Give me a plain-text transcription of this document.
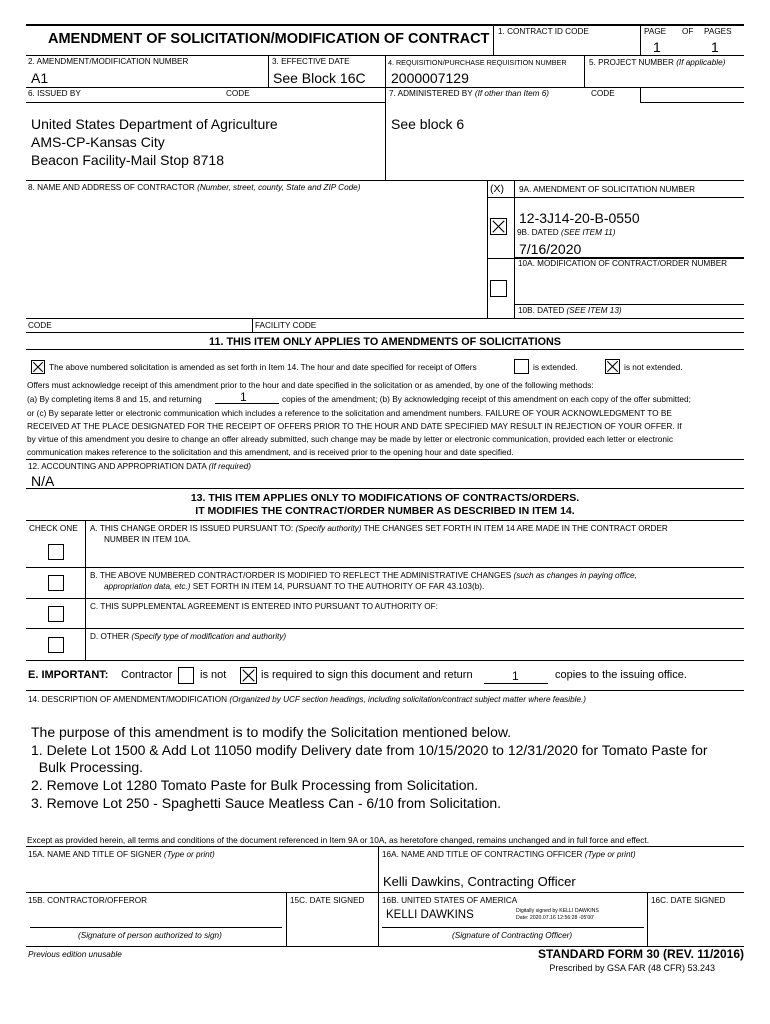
AMENDMENT OF SOLICITATION/MODIFICATION OF CONTRACT 1. CONTRACT ID CODE	PAGE OF PAGES
1	1
2. AMENDMENT/MODIFICATION NUMBER
A1
3. EFFECTIVE DATE
See Block 16C
4. REQUISITION/PURCHASE REQUISITION NUMBER
2000007129
5. PROJECT NUMBER (If applicable)
6. ISSUED BY	CODE
United States Department of Agriculture
AMS-CP-Kansas City
Beacon Facility-Mail Stop 8718
7. ADMINISTERED BY (If other than Item 6)	CODE
See block 6
8. NAME AND ADDRESS OF CONTRACTOR (Number, street, county, State and ZIP Code)	(X) 9A. AMENDMENT OF SOLICITATION NUMBER
12-3J14-20-B-0550
9B. DATED (SEE ITEM 11)
7/16/2020
10A. MODIFICATION OF CONTRACT/ORDER NUMBER
10B. DATED (SEE ITEM 13)
CODE	FACILITY CODE
11. THIS ITEM ONLY APPLIES TO AMENDMENTS OF SOLICITATIONS
The above numbered solicitation is amended as set forth in Item 14. The hour and date specified for receipt of Offers	is extended.	is not extended.
Offers must acknowledge receipt of this amendment prior to the hour and date specified in the solicitation or as amended, by one of the following methods:
(a) By completing items 8 and 15, and returning	1	copies of the amendment; (b) By acknowledging receipt of this amendment on each copy of the offer submitted;
or (c) By separate letter or electronic communication which includes a reference to the solicitation and amendment numbers. FAILURE OF YOUR ACKNOWLEDGMENT TO BE
RECEIVED AT THE PLACE DESIGNATED FOR THE RECEIPT OF OFFERS PRIOR TO THE HOUR AND DATE SPECIFIED MAY RESULT IN REJECTION OF YOUR OFFER. If
by virtue of this amendment you desire to change an offer already submitted, such change may be made by letter or electronic communication, provided each letter or electronic
communication makes reference to the solicitation and this amendment, and is received prior to the opening hour and date specified.
12. ACCOUNTING AND APPROPRIATION DATA (If required)
N/A
13. THIS ITEM APPLIES ONLY TO MODIFICATIONS OF CONTRACTS/ORDERS.
IT MODIFIES THE CONTRACT/ORDER NUMBER AS DESCRIBED IN ITEM 14.
CHECK ONE A. THIS CHANGE ORDER IS ISSUED PURSUANT TO: (Specify authority) THE CHANGES SET FORTH IN ITEM 14 ARE MADE IN THE CONTRACT ORDER
NUMBER IN ITEM 10A.
B. THE ABOVE NUMBERED CONTRACT/ORDER IS MODIFIED TO REFLECT THE ADMINISTRATIVE CHANGES (such as changes in paying office,
appropriation data, etc.) SET FORTH IN ITEM 14, PURSUANT TO THE AUTHORITY OF FAR 43.103(b).
C. THIS SUPPLEMENTAL AGREEMENT IS ENTERED INTO PURSUANT TO AUTHORITY OF:
D. OTHER (Specify type of modification and authority)
E. IMPORTANT: Contractor	is not	is required to sign this document and return	1	copies to the issuing office.
14. DESCRIPTION OF AMENDMENT/MODIFICATION (Organized by UCF section headings, including solicitation/contract subject matter where feasible.)
The purpose of this amendment is to modify the Solicitation mentioned below.
1. Delete Lot 1500 & Add Lot 11050 modify Delivery date from 10/15/2020 to 12/31/2020 for Tomato Paste for
Bulk Processing.
2. Remove Lot 1280 Tomato Paste for Bulk Processing from Solicitation.
3. Remove Lot 250 - Spaghetti Sauce Meatless Can - 6/10 from Solicitation.
Except as provided herein, all terms and conditions of the document referenced in Item 9A or 10A, as heretofore changed, remains unchanged and in full force and effect.
15A. NAME AND TITLE OF SIGNER (Type or print)	16A. NAME AND TITLE OF CONTRACTING OFFICER (Type or print)
Kelli Dawkins, Contracting Officer
15B. CONTRACTOR/OFFEROR	15C. DATE SIGNED 16B. UNITED STATES OF AMERICA	16C. DATE SIGNED
KELLI DAWKINS	Digitally signed by KELLI DAWKINS
Date: 2020.07.16 12:56:28 -05'00'
(Signature of person authorized to sign)	(Signature of Contracting Officer)
Previous edition unusable	STANDARD FORM 30 (REV. 11/2016)
Prescribed by GSA FAR (48 CFR) 53.243
